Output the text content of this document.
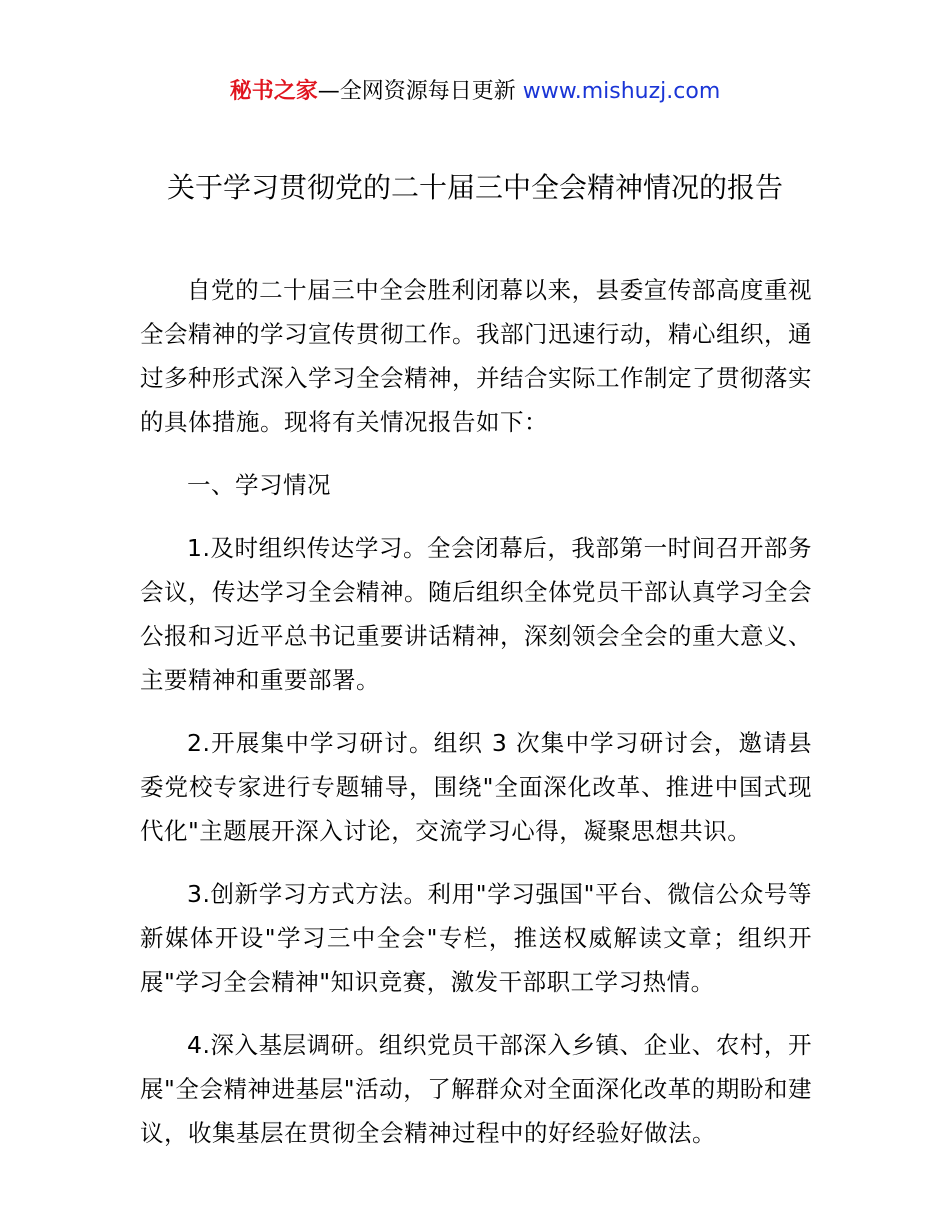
秘书之家—全网资源每日更新 www.mishuzj.com
关于学习贯彻党的二十届三中全会精神情况的报告

自党的二十届三中全会胜利闭幕以来，县委宣传部高度重视全会精神的学习宣传贯彻工作。我部门迅速行动，精心组织，通过多种形式深入学习全会精神，并结合实际工作制定了贯彻落实的具体措施。现将有关情况报告如下：

一、学习情况

1.及时组织传达学习。全会闭幕后，我部第一时间召开部务会议，传达学习全会精神。随后组织全体党员干部认真学习全会公报和习近平总书记重要讲话精神，深刻领会全会的重大意义、主要精神和重要部署。

2.开展集中学习研讨。组织 3 次集中学习研讨会，邀请县委党校专家进行专题辅导，围绕"全面深化改革、推进中国式现代化"主题展开深入讨论，交流学习心得，凝聚思想共识。

3.创新学习方式方法。利用"学习强国"平台、微信公众号等新媒体开设"学习三中全会"专栏，推送权威解读文章；组织开展"学习全会精神"知识竞赛，激发干部职工学习热情。

4.深入基层调研。组织党员干部深入乡镇、企业、农村，开展"全会精神进基层"活动，了解群众对全面深化改革的期盼和建议，收集基层在贯彻全会精神过程中的好经验好做法。
